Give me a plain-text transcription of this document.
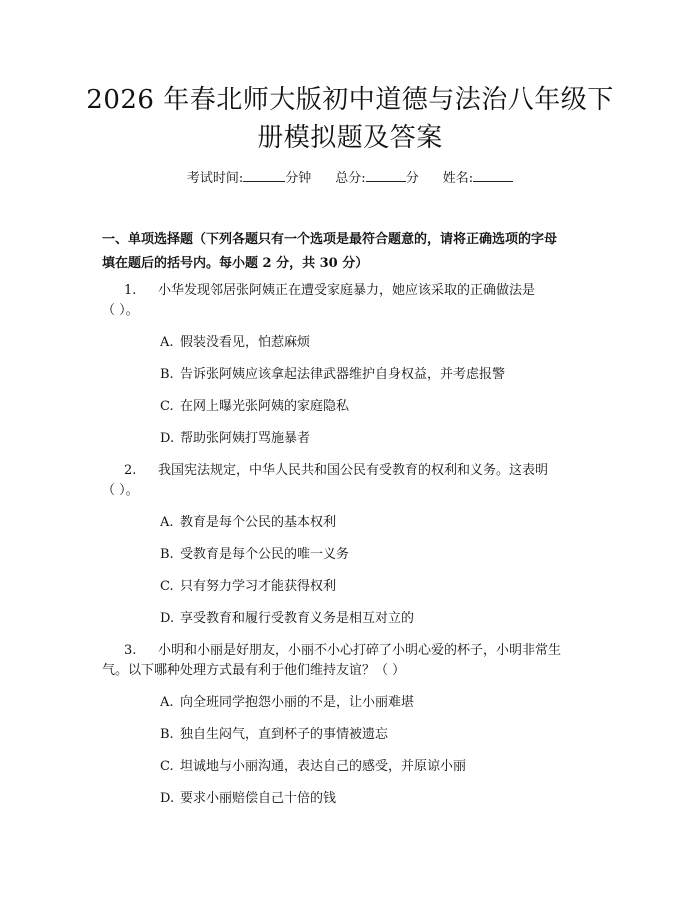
2026 年春北师大版初中道德与法治八年级下
册模拟题及答案
考试时间:	分钟 总分:	分 姓名:
一、单项选择题（下列各题只有一个选项是最符合题意的，请将正确选项的字母
填在题后的括号内。每小题 2 分，共 30 分）
1. 小华发现邻居张阿姨正在遭受家庭暴力，她应该采取的正确做法是
（ ）。
A. 假装没看见，怕惹麻烦
B. 告诉张阿姨应该拿起法律武器维护自身权益，并考虑报警
C. 在网上曝光张阿姨的家庭隐私
D. 帮助张阿姨打骂施暴者
2. 我国宪法规定，中华人民共和国公民有受教育的权利和义务。这表明
（ ）。
A. 教育是每个公民的基本权利
B. 受教育是每个公民的唯一义务
C. 只有努力学习才能获得权利
D. 享受教育和履行受教育义务是相互对立的
3. 小明和小丽是好朋友，小丽不小心打碎了小明心爱的杯子，小明非常生
气。以下哪种处理方式最有利于他们维持友谊？（ ）
A. 向全班同学抱怨小丽的不是，让小丽难堪
B. 独自生闷气，直到杯子的事情被遗忘
C. 坦诚地与小丽沟通，表达自己的感受，并原谅小丽
D. 要求小丽赔偿自己十倍的钱
